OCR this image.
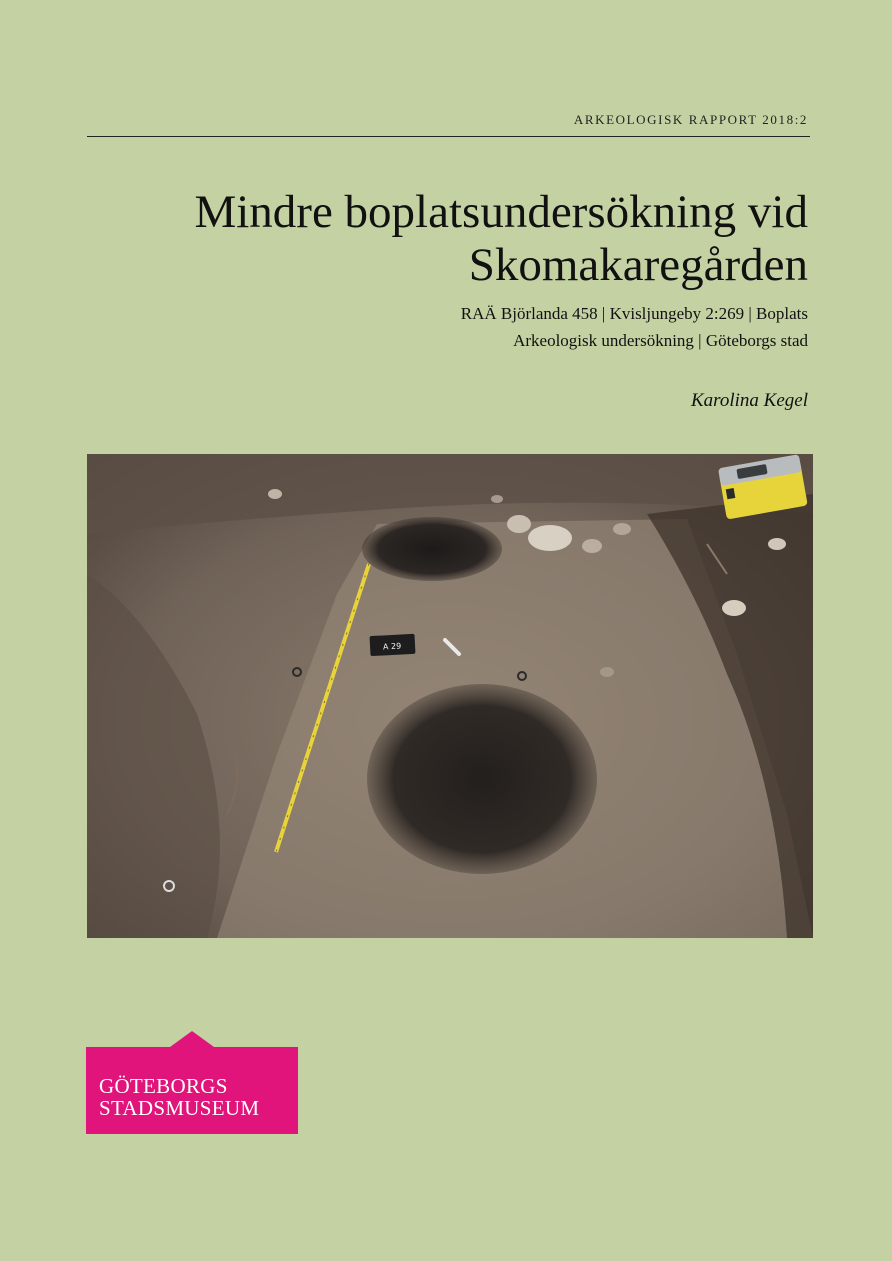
ARKEOLOGISK RAPPORT 2018:2
Mindre boplatsundersökning vid
Skomakaregården
RAÄ Björlanda 458 | Kvisljungeby 2:269 | Boplats
Arkeologisk undersökning | Göteborgs stad
Karolina Kegel
A 29
GÖTEBORGS
STADSMUSEUM
